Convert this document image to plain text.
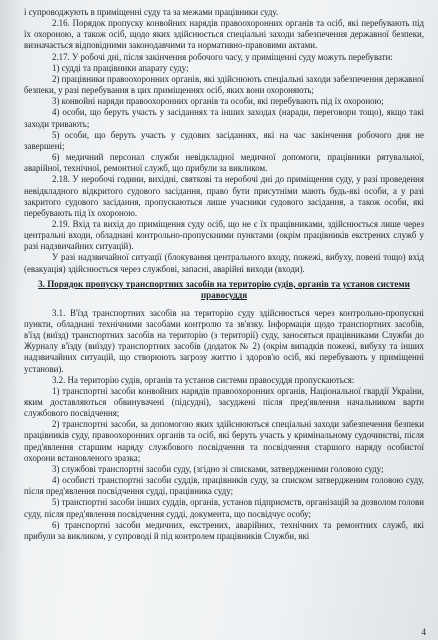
і супроводжують в приміщенні суду та за межами працівники суду.

2.16. Порядок пропуску конвойних нарядів правоохоронних органів та осіб, які перебувають під їх охороною, а також осіб, щодо яких здійснюється спеціальні заходи забезпечення державної безпеки, визначається відповідними законодавчими та нормативно-правовими актами.

2.17. У робочі дні, після закінчення робочого часу, у приміщенні суду можуть перебувати:

1) судді та працівники апарату суду;

2) працівники правоохоронних органів, які здійснюють спеціальні заходи забезпечення державної безпеки, у разі перебування в цих приміщеннях осіб, яких вони охороняють;

3) конвойні наряди правоохоронних органів та особи, які перебувають під їх охороною;

4) особи, що беруть участь у засіданнях та інших заходах (наради, переговори тощо), якщо такі заходи тривають;

5) особи, що беруть участь у судових засіданнях, які на час закінчення робочого дня не завершені;

6) медичний персонал служби невідкладної медичної допомоги, працівники рятувальної, аварійної, технічної, ремонтної служб, що прибули за викликом.

2.18. У неробочі години, вихідні, святкові та неробочі дні до приміщення суду, у разі проведення невідкладного відкритого судового засідання, право бути присутніми мають будь-які особи, а у разі закритого судового засідання, пропускаються лише учасники судового засідання, а також особи, які перебувають під їх охороною.

2.19. Вхід та вихід до приміщення суду осіб, що не є їх працівниками, здійснюється лише через центральні входи, обладнані контрольно-пропускними пунктами (окрім працівників екстрених служб у разі надзвичайних ситуацій).

У разі надзвичайної ситуації (блокування центрального входу, пожежі, вибуху, повені тощо) вхід (евакуація) здійснюється через службові, запасні, аварійні виходи (входи).

3. Порядок пропуску транспортних засобів на територію судів, органів та установ системи правосуддя

3.1. В'їзд транспортних засобів на територію суду здійснюється через контрольно-пропускні пункти, обладнані технічними засобами контролю та зв'язку. Інформація щодо транспортних засобів, в'їзд (виїзд) транспортних засобів на територію (з території) суду, заносяться працівниками Служби до Журналу в'їзду (виїзду) транспортних засобів (додаток № 2) (окрім випадків пожежі, вибуху та інших надзвичайних ситуацій, що створюють загрозу життю і здоров'ю осіб, які перебувають у приміщенні установи).

3.2. На територію судів, органів та установ системи правосуддя пропускаються:

1) транспортні засоби конвойних нарядів правоохоронних органів, Національної гвардії України, яким доставляються обвинувачені (підсудні), засуджені після пред'явлення начальником варти службового посвідчення;

2) транспортні засоби, за допомогою яких здійснюються спеціальні заходи забезпечення безпеки працівників суду, правоохоронних органів та осіб, які беруть участь у кримінальному судочинстві, після пред'явлення старшим наряду службового посвідчення та посвідчення старшого наряду особистої охорони встановленого зразка;

3) службові транспортні засоби суду, (згідно зі списками, затвердженими головою суду;

4) особисті транспортні засоби суддів, працівників суду, за списком затвердженим головою суду, після пред'явлення посвідчення судді, працівника суду;

5) транспортні засоби інших суддів, органів, установ підприємств, організацій за дозволом голови суду, після пред'явлення посвідчення судді, документа, що посвідчує особу;

6) транспортні засоби медичних, екстрених, аварійних, технічних та ремонтних служб, які прибули за викликом, у супроводі й під контролем працівників Служби, які

4
